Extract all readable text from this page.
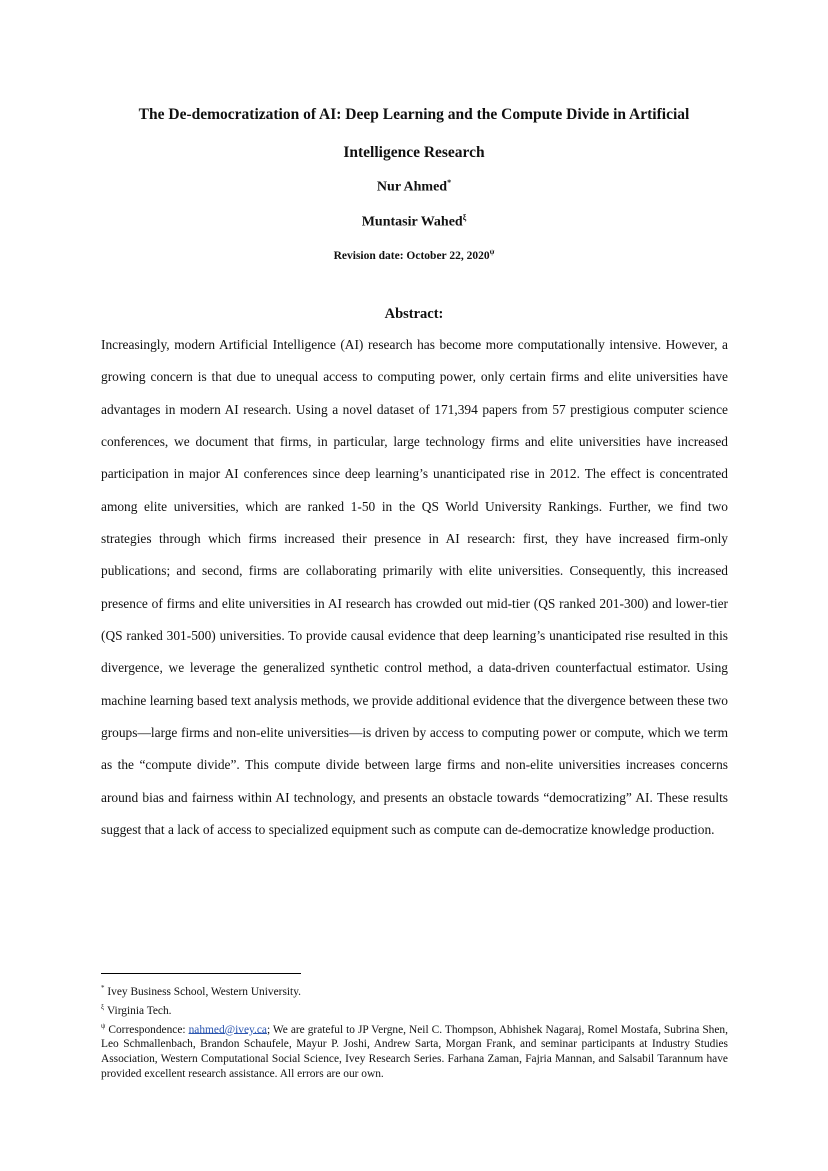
The De-democratization of AI: Deep Learning and the Compute Divide in Artificial
Intelligence Research
Nur Ahmed*
Muntasir Wahed$^\xi$
Revision date: October 22, $2020^\psi$
Abstract:

Increasingly, modern Artificial Intelligence (AI) research has become more computationally intensive. However, a growing concern is that due to unequal access to computing power, only certain firms and elite universities have advantages in modern AI research. Using a novel dataset of 171,394 papers from 57 prestigious computer science conferences, we document that firms, in particular, large technology firms and elite universities have increased participation in major AI conferences since deep learning’s unanticipated rise in 2012. The effect is concentrated among elite universities, which are ranked 1-50 in the QS World University Rankings. Further, we find two strategies through which firms increased their presence in AI research: first, they have increased firm-only publications; and second, firms are collaborating primarily with elite universities. Consequently, this increased presence of firms and elite universities in AI research has crowded out mid-tier (QS ranked 201-300) and lower-tier (QS ranked 301-500) universities. To provide causal evidence that deep learning’s unanticipated rise resulted in this divergence, we leverage the generalized synthetic control method, a data-driven counterfactual estimator. Using machine learning based text analysis methods, we provide additional evidence that the divergence between these two groups—large firms and non-elite universities—is driven by access to computing power or compute, which we term as the “compute divide”. This compute divide between large firms and non-elite universities increases concerns around bias and fairness within AI technology, and presents an obstacle towards “democratizing” AI. These results suggest that a lack of access to specialized equipment such as compute can de-democratize knowledge production.

* Ivey Business School, Western University.

$^\xi$ Virginia Tech.

$^\psi$ Correspondence: nahmed@ivey.ca; We are grateful to JP Vergne, Neil C. Thompson, Abhishek Nagaraj, Romel Mostafa, Subrina Shen, Leo Schmallenbach, Brandon Schaufele, Mayur P. Joshi, Andrew Sarta, Morgan Frank, and seminar participants at Industry Studies Association, Western Computational Social Science, Ivey Research Series. Farhana Zaman, Fajria Mannan, and Salsabil Tarannum have provided excellent research assistance. All errors are our own.
